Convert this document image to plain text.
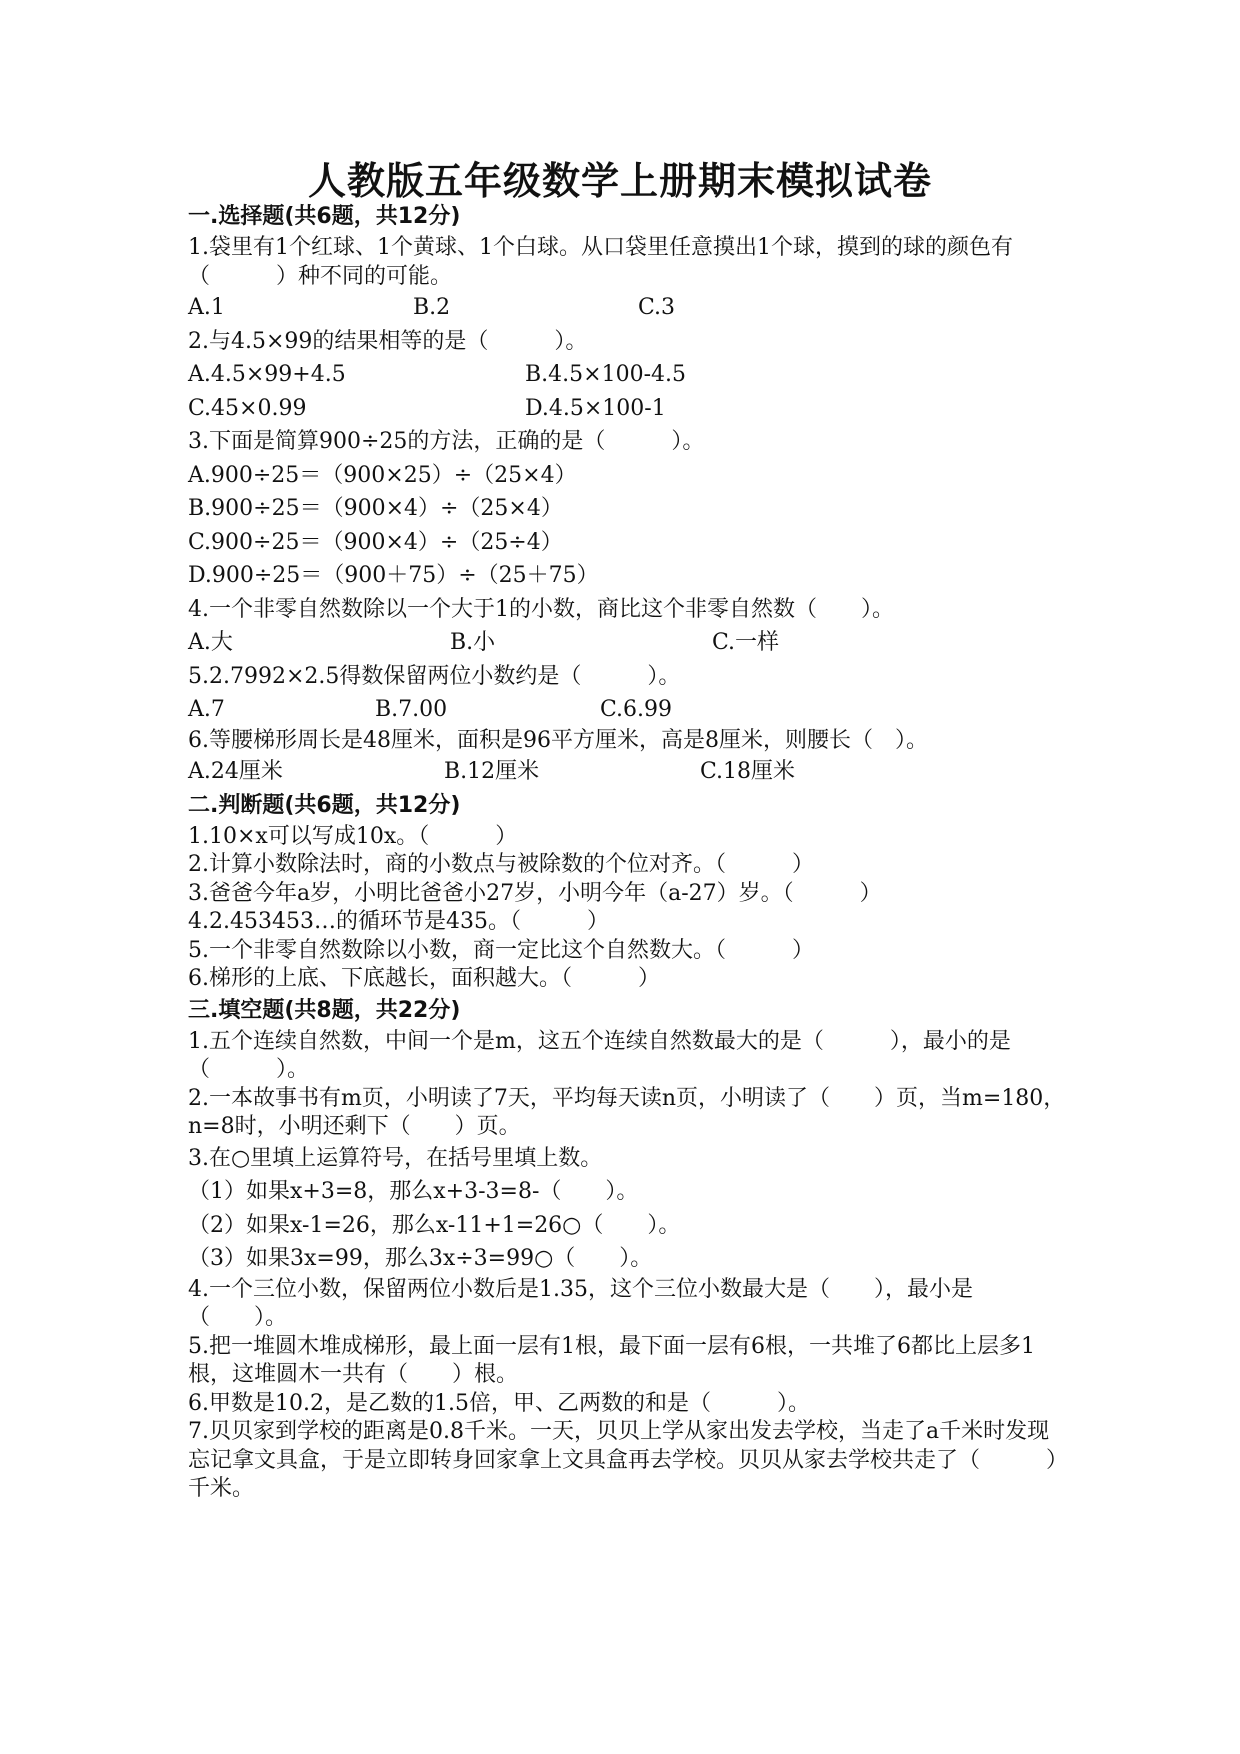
人教版五年级数学上册期末模拟试卷
一.选择题(共6题，共12分)
1.袋里有1个红球、1个黄球、1个白球。从口袋里任意摸出1个球，摸到的球的颜色有（　　　）种不同的可能。
A.1	B.2	C.3
2.与4.5×99的结果相等的是（　　　）。
A.4.5×99+4.5	B.4.5×100-4.5
C.45×0.99	D.4.5×100-1
3.下面是简算900÷25的方法，正确的是（　　　）。
A.900÷25＝（900×25）÷（25×4）
B.900÷25＝（900×4）÷（25×4）
C.900÷25＝（900×4）÷（25÷4）
D.900÷25＝（900＋75）÷（25＋75）
4.一个非零自然数除以一个大于1的小数，商比这个非零自然数（　　）。
A.大	B.小	C.一样
5.2.7992×2.5得数保留两位小数约是（　　　）。
A.7	B.7.00	C.6.99
6.等腰梯形周长是48厘米，面积是96平方厘米，高是8厘米，则腰长（　）。
A.24厘米	B.12厘米	C.18厘米
二.判断题(共6题，共12分)
1.10×x可以写成10x。（　　　）
2.计算小数除法时，商的小数点与被除数的个位对齐。（　　　）
3.爸爸今年a岁，小明比爸爸小27岁，小明今年（a-27）岁。（　　　）
4.2.453453…的循环节是435。（　　　）
5.一个非零自然数除以小数，商一定比这个自然数大。（　　　）
6.梯形的上底、下底越长，面积越大。（　　　）
三.填空题(共8题，共22分)
1.五个连续自然数，中间一个是m，这五个连续自然数最大的是（　　　），最小的是（　　　）。
2.一本故事书有m页，小明读了7天，平均每天读n页，小明读了（　　）页，当m=180，n=8时，小明还剩下（　　）页。
3.在○里填上运算符号，在括号里填上数。
（1）如果x+3=8，那么x+3-3=8-（　　）。
（2）如果x-1=26，那么x-11+1=26○（　　）。
（3）如果3x=99，那么3x÷3=99○（　　）。
4.一个三位小数，保留两位小数后是1.35，这个三位小数最大是（　　），最小是（　　）。
5.把一堆圆木堆成梯形，最上面一层有1根，最下面一层有6根，一共堆了6都比上层多1根，这堆圆木一共有（　　）根。
6.甲数是10.2，是乙数的1.5倍，甲、乙两数的和是（　　　）。
7.贝贝家到学校的距离是0.8千米。一天，贝贝上学从家出发去学校，当走了a千米时发现忘记拿文具盒，于是立即转身回家拿上文具盒再去学校。贝贝从家去学校共走了（　　　）千米。
